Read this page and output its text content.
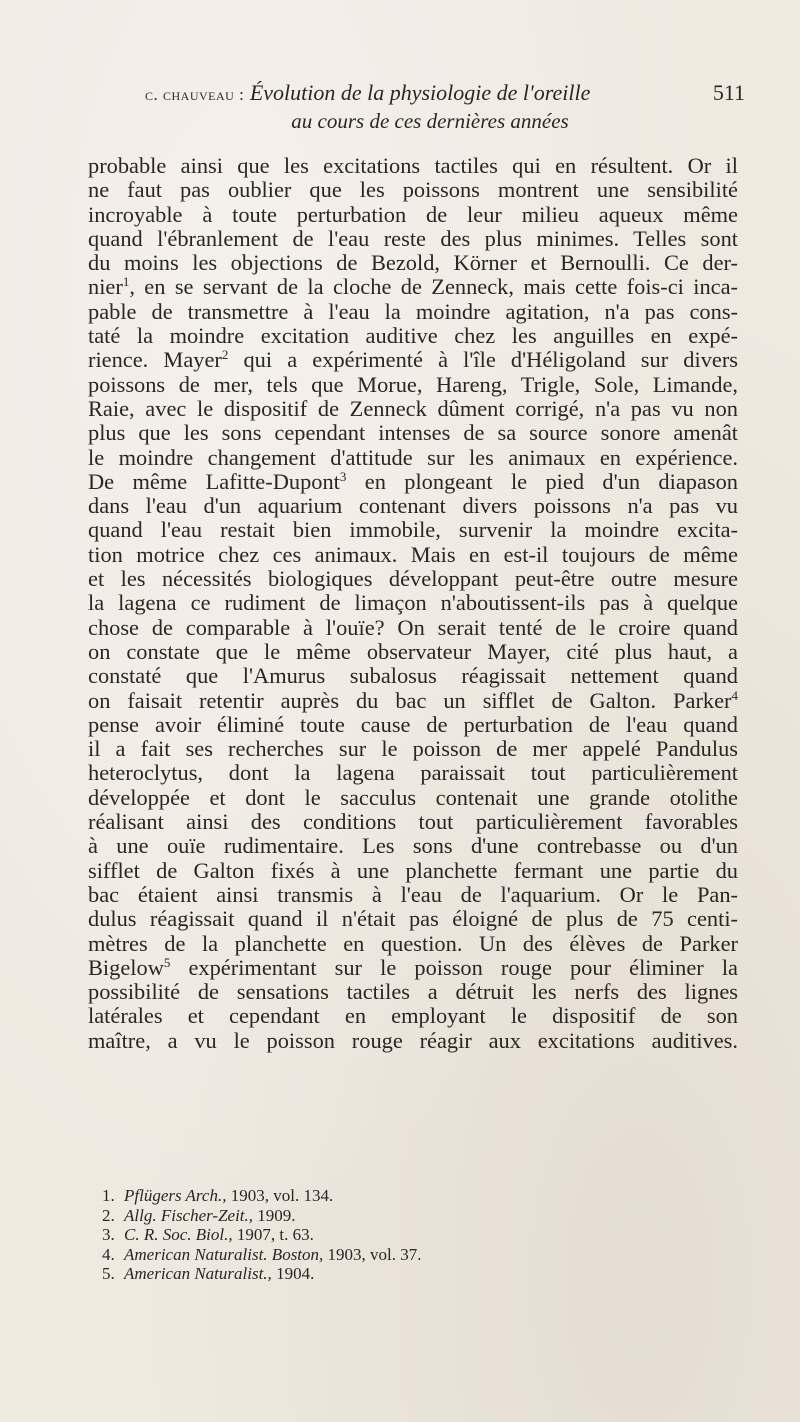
c. chauveau : Évolution de la physiologie de l'oreille	511
au cours de ces dernières années
probable ainsi que les excitations tactiles qui en résultent. Or il
ne faut pas oublier que les poissons montrent une sensibilité
incroyable à toute perturbation de leur milieu aqueux même
quand l'ébranlement de l'eau reste des plus minimes. Telles sont
du moins les objections de Bezold, Körner et Bernoulli. Ce der-
nier$^1$, en se servant de la cloche de Zenneck, mais cette fois-ci inca-
pable de transmettre à l'eau la moindre agitation, n'a pas cons-
taté la moindre excitation auditive chez les anguilles en expé-
rience. Mayer$^2$ qui a expérimenté à l'île d'Héligoland sur divers
poissons de mer, tels que Morue, Hareng, Trigle, Sole, Limande,
Raie, avec le dispositif de Zenneck dûment corrigé, n'a pas vu non
plus que les sons cependant intenses de sa source sonore amenât
le moindre changement d'attitude sur les animaux en expérience.
De même Lafitte-Dupont$^3$ en plongeant le pied d'un diapason
dans l'eau d'un aquarium contenant divers poissons n'a pas vu
quand l'eau restait bien immobile, survenir la moindre excita-
tion motrice chez ces animaux. Mais en est-il toujours de même
et les nécessités biologiques développant peut-être outre mesure
la lagena ce rudiment de limaçon n'aboutissent-ils pas à quelque
chose de comparable à l'ouïe? On serait tenté de le croire quand
on constate que le même observateur Mayer, cité plus haut, a
constaté que l'Amurus subalosus réagissait nettement quand
on faisait retentir auprès du bac un sifflet de Galton. Parker$^4$
pense avoir éliminé toute cause de perturbation de l'eau quand
il a fait ses recherches sur le poisson de mer appelé Pandulus
heteroclytus, dont la lagena paraissait tout particulièrement
développée et dont le sacculus contenait une grande otolithe
réalisant ainsi des conditions tout particulièrement favorables
à une ouïe rudimentaire. Les sons d'une contrebasse ou d'un
sifflet de Galton fixés à une planchette fermant une partie du
bac étaient ainsi transmis à l'eau de l'aquarium. Or le Pan-
dulus réagissait quand il n'était pas éloigné de plus de 75 centi-
mètres de la planchette en question. Un des élèves de Parker
Bigelow$^5$ expérimentant sur le poisson rouge pour éliminer la
possibilité de sensations tactiles a détruit les nerfs des lignes
latérales et cependant en employant le dispositif de son
maître, a vu le poisson rouge réagir aux excitations auditives.
1. Pflügers Arch., 1903, vol. 134.
2. Allg. Fischer-Zeit., 1909.
3. C. R. Soc. Biol., 1907, t. 63.
4. American Naturalist. Boston, 1903, vol. 37.
5. American Naturalist., 1904.
